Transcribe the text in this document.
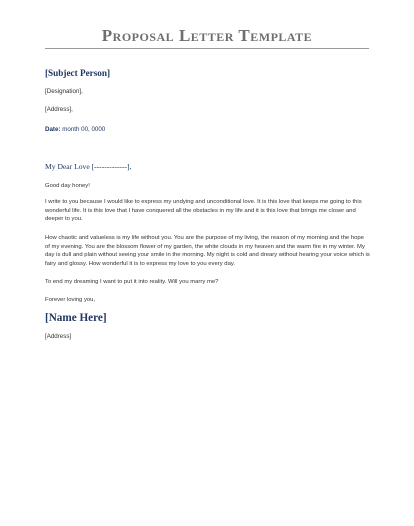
Proposal Letter Template
[Subject Person]
[Designation],
[Address],
Date: month 00, 0000
My Dear Love [-------------],

Good day honey!

I write to you because I would like to express my undying and unconditional love. It is this love that keeps me going to this wonderful life. It is this love that I have conquered all the obstacles in my life and it is this love that brings me closer and deeper to you.

How chaotic and valueless is my life without you. You are the purpose of my living, the reason of my morning and the hope of my evening. You are the blossom flower of my garden, the white clouds in my heaven and the warm fire in my winter. My day is dull and plain without seeing your smile in the morning. My night is cold and dreary without hearing your voice which is fairy and glossy. How wonderful it is to express my love to you every day.

To end my dreaming I want to put it into reality. Will you marry me?

Forever loving you,

[Name Here]
[Address]
